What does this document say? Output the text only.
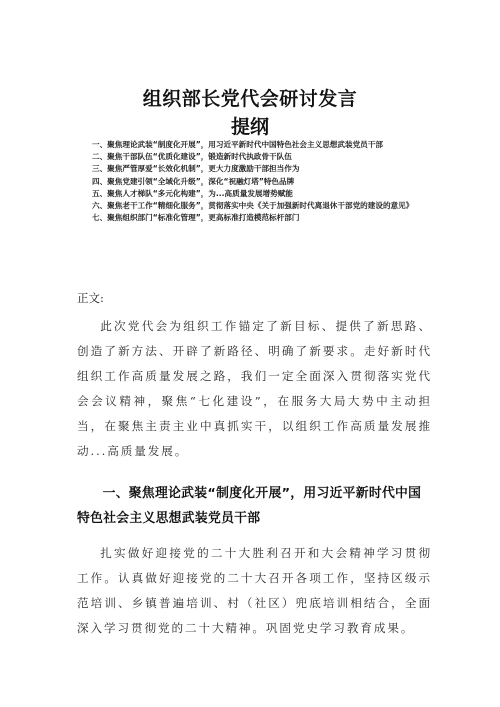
组织部长党代会研讨发言
提纲
一、聚焦理论武装“制度化开展”，用习近平新时代中国特色社会主义思想武装党员干部
二、聚焦干部队伍“优质化建设”，锻造新时代执政骨干队伍
三、聚焦严管厚爱“长效化机制”，更大力度激励干部担当作为
四、聚焦党建引领“全域化升级”，深化“祝融灯塔”特色品牌
五、聚焦人才梯队“多元化构建”，为...高质量发展增势赋能
六、聚焦老干工作“精细化服务”，贯彻落实中央《关于加强新时代离退休干部党的建设的意见》
七、聚焦组织部门“标准化管理”，更高标准打造模范标杆部门
正文:
此次党代会为组织工作锚定了新目标、提供了新思路、创造了新方法、开辟了新路径、明确了新要求。走好新时代组织工作高质量发展之路，我们一定全面深入贯彻落实党代会会议精神，聚焦“七化建设”，在服务大局大势中主动担当，在聚焦主责主业中真抓实干，以组织工作高质量发展推动...高质量发展。
一、聚焦理论武装“制度化开展”，用习近平新时代中国特色社会主义思想武装党员干部
扎实做好迎接党的二十大胜利召开和大会精神学习贯彻工作。认真做好迎接党的二十大召开各项工作，坚持区级示范培训、乡镇普遍培训、村（社区）兜底培训相结合，全面深入学习贯彻党的二十大精神。巩固党史学习教育成果。
